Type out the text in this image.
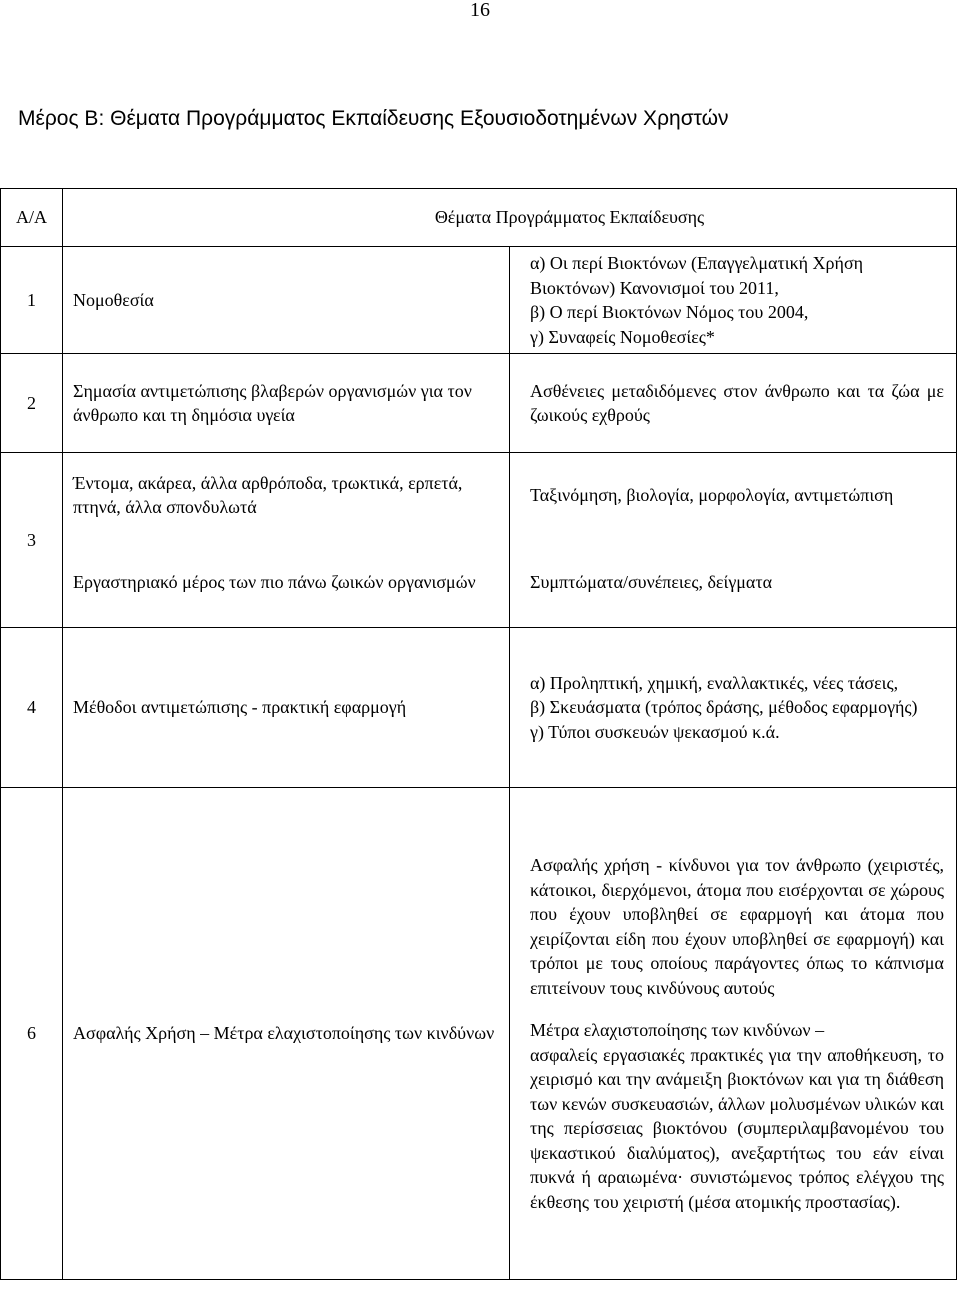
16
Μέρος Β: Θέματα Προγράμματος Εκπαίδευσης Εξουσιοδοτημένων Χρηστών
Α/Α	Θέματα Προγράμματος Εκπαίδευσης	
1	Νομοθεσία	α) Οι περί Βιοκτόνων (Επαγγελματική Χρήση Βιοκτόνων) Κανονισμοί του 2011,
β) Ο περί Βιοκτόνων Νόμος του 2004,
γ) Συναφείς Νομοθεσίες*

2	Σημασία αντιμετώπισης βλαβερών οργανισμών για τον άνθρωπο και τη δημόσια υγεία	Ασθένειες μεταδιδόμενες στον άνθρωπο και τα ζώα με ζωικούς εχθρούς
3	Έντομα, ακάρεα, άλλα αρθρόποδα, τρωκτικά, ερπετά, πτηνά, άλλα σπονδυλωτά	Ταξινόμηση, βιολογία, μορφολογία, αντιμετώπιση
	Εργαστηριακό μέρος των πιο πάνω ζωικών οργανισμών	Συμπτώματα/συνέπειες, δείγματα
4	Μέθοδοι αντιμετώπισης - πρακτική εφαρμογή	α) Προληπτική, χημική, εναλλακτικές, νέες τάσεις,
β) Σκευάσματα (τρόπος δράσης, μέθοδος εφαρμογής)
γ) Τύποι συσκευών ψεκασμού κ.ά.

6	Ασφαλής Χρήση – Μέτρα ελαχιστοποίησης των κινδύνων	Ασφαλής χρήση - κίνδυνοι για τον άνθρωπο (χειριστές, κάτοικοι, διερχόμενοι, άτομα που εισέρχονται σε χώρους που έχουν υποβληθεί σε εφαρμογή και άτομα που χειρίζονται είδη που έχουν υποβληθεί σε εφαρμογή) και τρόποι με τους οποίους παράγοντες όπως το κάπνισμα επιτείνουν τους κινδύνους αυτούς
Μέτρα ελαχιστοποίησης των κινδύνων –
ασφαλείς εργασιακές πρακτικές για την αποθήκευση, το χειρισμό και την ανάμειξη βιοκτόνων και για τη διάθεση των κενών συσκευασιών, άλλων μολυσμένων υλικών και της περίσσειας βιοκτόνου (συμπεριλαμβανομένου του ψεκαστικού διαλύματος), ανεξαρτήτως του εάν είναι πυκνά ή αραιωμένα· συνιστώμενος τρόπος ελέγχου της έκθεσης του χειριστή (μέσα ατομικής προστασίας).
